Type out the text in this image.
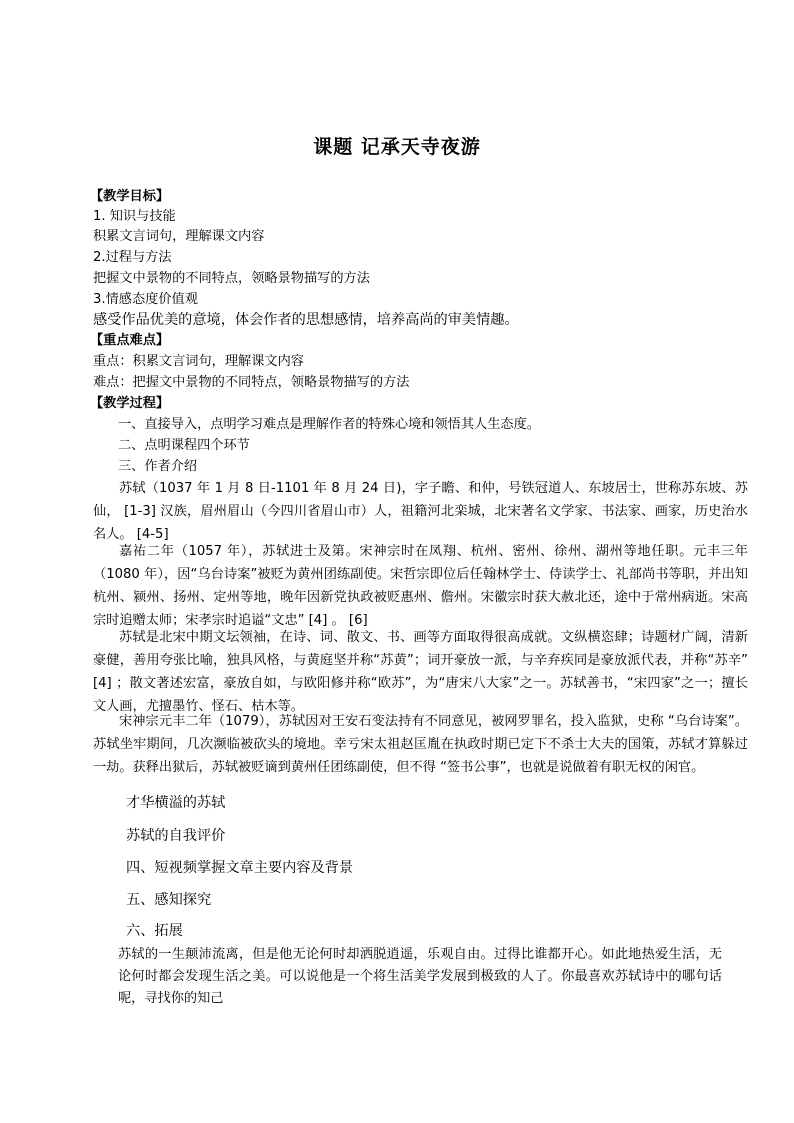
课题 记承天寺夜游
【教学目标】
1. 知识与技能
积累文言词句，理解课文内容
2.过程与方法
把握文中景物的不同特点，领略景物描写的方法
3.情感态度价值观
感受作品优美的意境，体会作者的思想感情，培养高尚的审美情趣。
【重点难点】
重点：积累文言词句，理解课文内容
难点：把握文中景物的不同特点，领略景物描写的方法
【教学过程】
一、直接导入，点明学习难点是理解作者的特殊心境和领悟其人生态度。
二、点明课程四个环节
三、作者介绍

苏轼（1037 年 1 月 8 日-1101 年 8 月 24 日)，字子瞻、和仲，号铁冠道人、东坡居士，世称苏东坡、苏仙， [1-3] 汉族，眉州眉山（今四川省眉山市）人，祖籍河北栾城，北宋著名文学家、书法家、画家，历史治水名人。 [4-5]

嘉祐二年（1057 年），苏轼进士及第。宋神宗时在凤翔、杭州、密州、徐州、湖州等地任职。元丰三年（1080 年），因“乌台诗案”被贬为黄州团练副使。宋哲宗即位后任翰林学士、侍读学士、礼部尚书等职，并出知杭州、颍州、扬州、定州等地，晚年因新党执政被贬惠州、儋州。宋徽宗时获大赦北还，途中于常州病逝。宋高宗时追赠太师；宋孝宗时追谥“文忠” [4] 。 [6]

苏轼是北宋中期文坛领袖，在诗、词、散文、书、画等方面取得很高成就。文纵横恣肆；诗题材广阔，清新豪健，善用夸张比喻，独具风格，与黄庭坚并称“苏黄”；词开豪放一派，与辛弃疾同是豪放派代表，并称“苏辛” [4] ；散文著述宏富，豪放自如，与欧阳修并称“欧苏”，为“唐宋八大家”之一。苏轼善书，“宋四家”之一；擅长文人画，尤擅墨竹、怪石、枯木等。

宋神宗元丰二年（1079），苏轼因对王安石变法持有不同意见，被网罗罪名，投入监狱，史称 “乌台诗案”。苏轼坐牢期间，几次濒临被砍头的境地。幸亏宋太祖赵匡胤在执政时期已定下不杀士大夫的国策，苏轼才算躲过一劫。获释出狱后，苏轼被贬谪到黄州任团练副使，但不得 “签书公事”，也就是说做着有职无权的闲官。

才华横溢的苏轼
苏轼的自我评价
四、短视频掌握文章主要内容及背景
五、感知探究
六、拓展

苏轼的一生颠沛流离，但是他无论何时却洒脱逍遥，乐观自由。过得比谁都开心。如此地热爱生活，无论何时都会发现生活之美。可以说他是一个将生活美学发展到极致的人了。你最喜欢苏轼诗中的哪句话呢，寻找你的知己
